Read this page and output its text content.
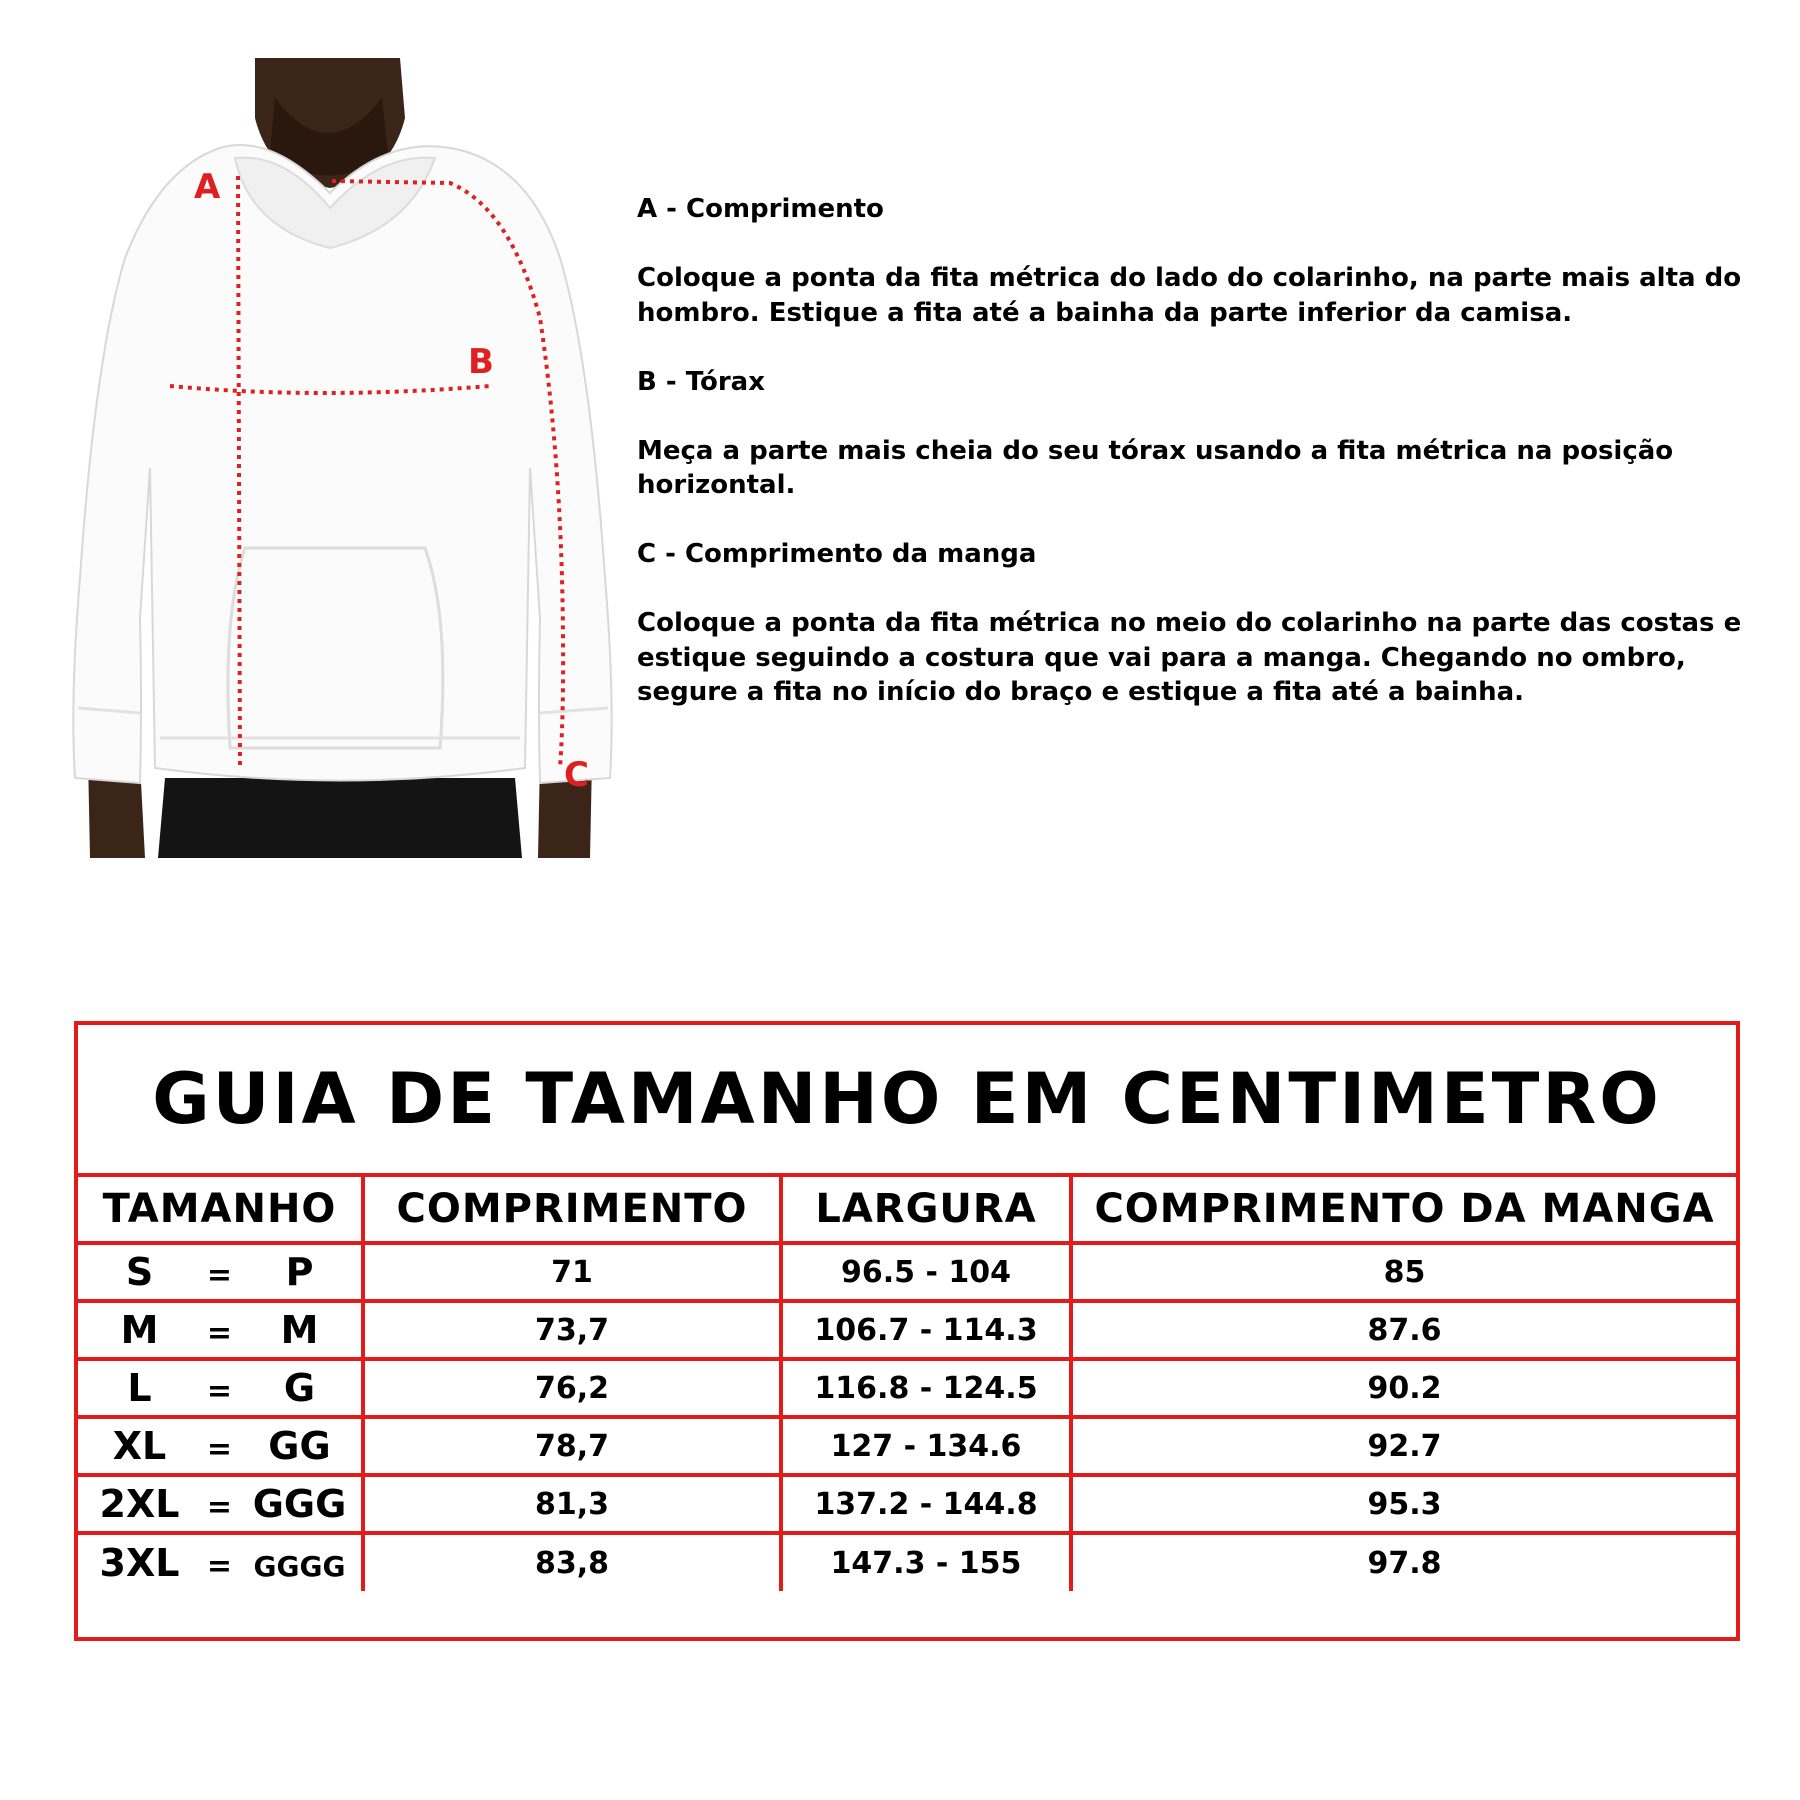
A
B
C

A - Comprimento

Coloque a ponta da fita métrica do lado do colarinho, na parte mais alta do hombro. Estique a fita até a bainha da parte inferior da camisa.

B - Tórax

Meça a parte mais cheia do seu tórax usando a fita métrica na posição horizontal.

C - Comprimento da manga

Coloque a ponta da fita métrica no meio do colarinho na parte das costas e estique seguindo a costura que vai para a manga. Chegando no ombro, segure a fita no início do braço e estique a fita até a bainha.

GUIA DE TAMANHO EM CENTIMETRO
TAMANHO	COMPRIMENTO	LARGURA	COMPRIMENTO DA MANGA
S = P	71	96.5 - 104	85
M = M	73,7	106.7 - 114.3	87.6
L = G	76,2	116.8 - 124.5	90.2
XL = GG	78,7	127 - 134.6	92.7
2XL = GGG	81,3	137.2 - 144.8	95.3
3XL = GGGG	83,8	147.3 - 155	97.8
